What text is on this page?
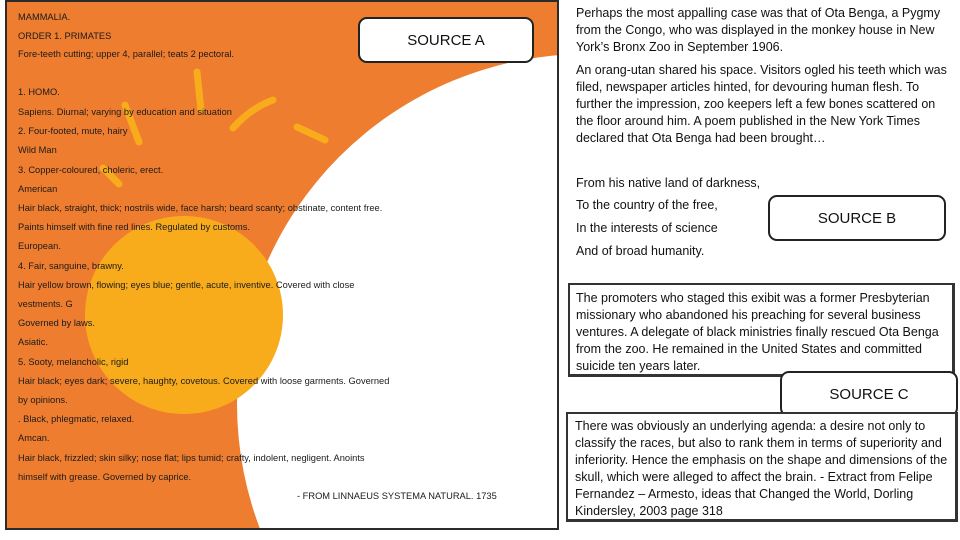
MAMMALIA.
ORDER 1. PRIMATES
Fore-teeth cutting; upper 4, parallel; teats 2 pectoral.
1. HOMO.
Sapiens. Diurnal; varying by education and situation
2. Four-footed, mute, hairy
Wild Man
3. Copper-coloured, choleric, erect.
American
Hair black, straight, thick; nostrils wide, face harsh; beard scanty; obstinate, content free.
Paints himself with fine red lines. Regulated by customs.
European.
4. Fair, sanguine, brawny.
Hair yellow brown, flowing; eyes blue; gentle, acute, inventive. Covered with close
vestments. G
Governed by laws.
Asiatic.
5. Sooty, melancholic, rigid
Hair black; eyes dark; severe, haughty, covetous. Covered with loose garments. Governed
by opinions.
. Black, phlegmatic, relaxed.
Amcan.
Hair black, frizzled; skin silky; nose flat; lips tumid; crafty, indolent, negligent. Anoints
himself with grease. Governed by caprice.
- FROM LINNAEUS SYSTEMA NATURAL. 1735
SOURCE A
Perhaps the most appalling case was that of Ota Benga, a Pygmy from the Congo, who was displayed in the monkey house in New York’s Bronx Zoo in September 1906.
An orang-utan shared his space. Visitors ogled his teeth which was filed, newspaper articles hinted, for devouring human flesh. To further the impression, zoo keepers left a few bones scattered on the floor around him. A poem published in the New York Times declared that Ota Benga had been brought…
From his native land of darkness,
To the country of the free,
In the interests of science
And of broad humanity.
SOURCE B
The promoters who staged this exibit was a former Presbyterian missionary who abandoned his preaching for several business ventures. A delegate of black ministries finally rescued Ota Benga from the zoo. He remained in the United States and committed suicide ten years later.
SOURCE C
There was obviously an underlying agenda: a desire not only to classify the races, but also to rank them in terms of superiority and inferiority. Hence the emphasis on the shape and dimensions of the skull, which were alleged to affect the brain. - Extract from Felipe Fernandez – Armesto, ideas that Changed the World, Dorling Kindersley, 2003 page 318
